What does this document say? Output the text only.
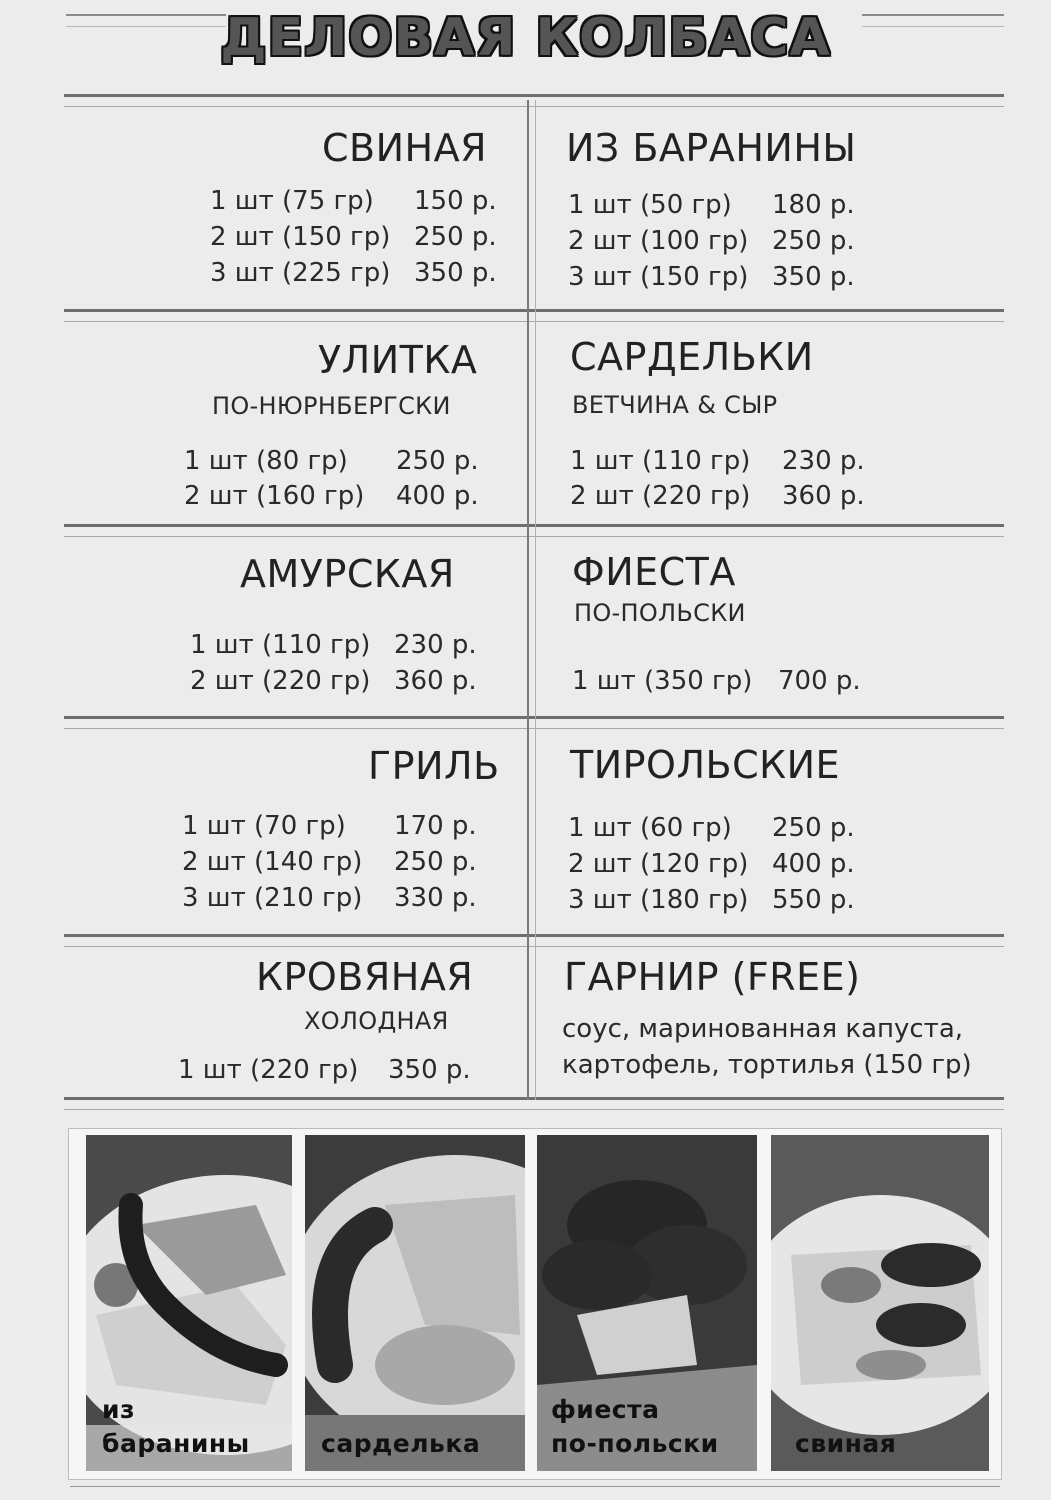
ДЕЛОВАЯ КОЛБАСА
СВИНАЯ
1 шт (75 гр) 150 р.
2 шт (150 гр) 250 р.
3 шт (225 гр) 350 р.
ИЗ БАРАНИНЫ
1 шт (50 гр) 180 р.
2 шт (100 гр) 250 р.
3 шт (150 гр) 350 р.
УЛИТКА
ПО-НЮРНБЕРГСКИ
1 шт (80 гр) 250 р.
2 шт (160 гр) 400 р.
САРДЕЛЬКИ
ВЕТЧИНА & СЫР
1 шт (110 гр) 230 р.
2 шт (220 гр) 360 р.
АМУРСКАЯ
1 шт (110 гр) 230 р.
2 шт (220 гр) 360 р.
ФИЕСТА
ПО-ПОЛЬСКИ
1 шт (350 гр) 700 р.
ГРИЛЬ
1 шт (70 гр) 170 р.
2 шт (140 гр) 250 р.
3 шт (210 гр) 330 р.
ТИРОЛЬСКИЕ
1 шт (60 гр) 250 р.
2 шт (120 гр) 400 р.
3 шт (180 гр) 550 р.
КРОВЯНАЯ
ХОЛОДНАЯ
1 шт (220 гр) 350 р.
ГАРНИР (FREE)
соус, маринованная капуста,
картофель, тортилья (150 гр)
из
баранины	сарделька
фиеста
по-польски	свиная
